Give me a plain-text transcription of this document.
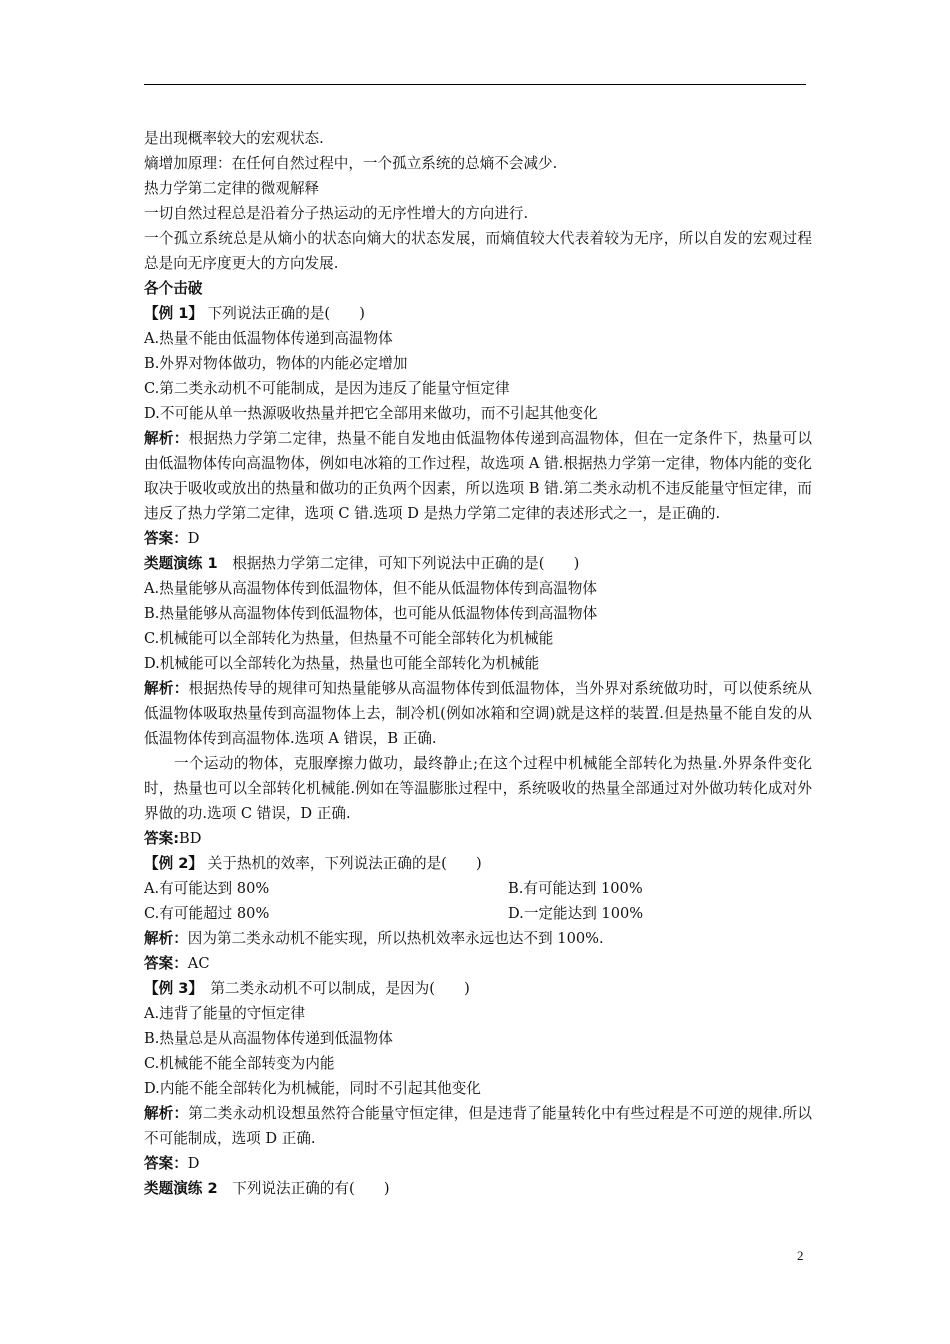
是出现概率较大的宏观状态.
熵增加原理：在任何自然过程中，一个孤立系统的总熵不会减少.
热力学第二定律的微观解释
一切自然过程总是沿着分子热运动的无序性增大的方向进行.
一个孤立系统总是从熵小的状态向熵大的状态发展，而熵值较大代表着较为无序，所以自发的宏观过程总是向无序度更大的方向发展.
各个击破
【例 1】 下列说法正确的是(　　)
A.热量不能由低温物体传递到高温物体
B.外界对物体做功，物体的内能必定增加
C.第二类永动机不可能制成，是因为违反了能量守恒定律
D.不可能从单一热源吸收热量并把它全部用来做功，而不引起其他变化
解析：根据热力学第二定律，热量不能自发地由低温物体传递到高温物体，但在一定条件下，热量可以由低温物体传向高温物体，例如电冰箱的工作过程，故选项 A 错.根据热力学第一定律，物体内能的变化取决于吸收或放出的热量和做功的正负两个因素，所以选项 B 错.第二类永动机不违反能量守恒定律，而违反了热力学第二定律，选项 C 错.选项 D 是热力学第二定律的表述形式之一，是正确的.
答案：D
类题演练 1　根据热力学第二定律，可知下列说法中正确的是(　　)
A.热量能够从高温物体传到低温物体，但不能从低温物体传到高温物体
B.热量能够从高温物体传到低温物体，也可能从低温物体传到高温物体
C.机械能可以全部转化为热量，但热量不可能全部转化为机械能
D.机械能可以全部转化为热量，热量也可能全部转化为机械能
解析：根据热传导的规律可知热量能够从高温物体传到低温物体，当外界对系统做功时，可以使系统从低温物体吸取热量传到高温物体上去，制冷机(例如冰箱和空调)就是这样的装置.但是热量不能自发的从低温物体传到高温物体.选项 A 错误，B 正确.
一个运动的物体，克服摩擦力做功，最终静止;在这个过程中机械能全部转化为热量.外界条件变化时，热量也可以全部转化机械能.例如在等温膨胀过程中，系统吸收的热量全部通过对外做功转化成对外界做的功.选项 C 错误，D 正确.
答案:BD
【例 2】 关于热机的效率，下列说法正确的是(　　)
A.有可能达到 80%	B.有可能达到 100%
C.有可能超过 80%	D.一定能达到 100%
解析：因为第二类永动机不能实现，所以热机效率永远也达不到 100%.
答案：AC
【例 3】　第二类永动机不可以制成，是因为(　　)
A.违背了能量的守恒定律
B.热量总是从高温物体传递到低温物体
C.机械能不能全部转变为内能
D.内能不能全部转化为机械能，同时不引起其他变化
解析：第二类永动机设想虽然符合能量守恒定律，但是违背了能量转化中有些过程是不可逆的规律.所以不可能制成，选项 D 正确.
答案：D
类题演练 2　下列说法正确的有(　　)
2
